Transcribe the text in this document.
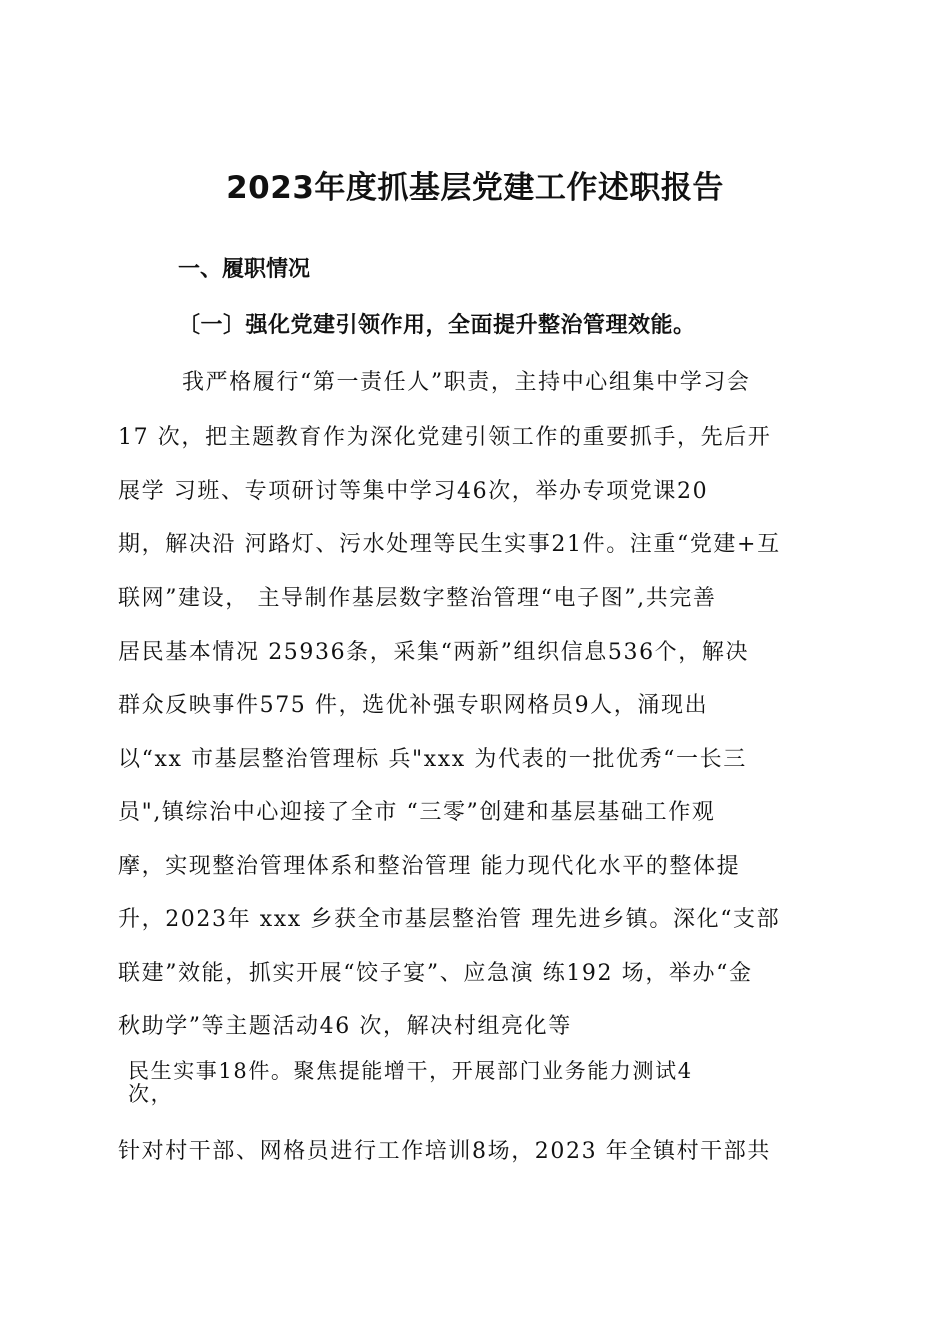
2023年度抓基层党建工作述职报告
一、履职情况
〔一〕强化党建引领作用，全面提升整治管理效能。
我严格履行“第一责任人”职责，主持中心组集中学习会
17 次，把主题教育作为深化党建引领工作的重要抓手，先后开
展学 习班、专项研讨等集中学习46次，举办专项党课20
期，解决沿 河路灯、污水处理等民生实事21件。注重“党建+互
联网”建设， 主导制作基层数字整治管理“电子图”,共完善
居民基本情况 25936条，采集“两新”组织信息536个，解决
群众反映事件575 件，选优补强专职网格员9人，涌现出
以“xx 市基层整治管理标 兵"xxx 为代表的一批优秀“一长三
员",镇综治中心迎接了全市 “三零”创建和基层基础工作观
摩，实现整治管理体系和整治管理 能力现代化水平的整体提
升，2023年 xxx 乡获全市基层整治管 理先进乡镇。深化“支部
联建”效能，抓实开展“饺子宴”、应急演 练192 场，举办“金
秋助学”等主题活动46 次，解决村组亮化等
民生实事18件。聚焦提能增干，开展部门业务能力测试4
次，
针对村干部、网格员进行工作培训8场，2023 年全镇村干部共
